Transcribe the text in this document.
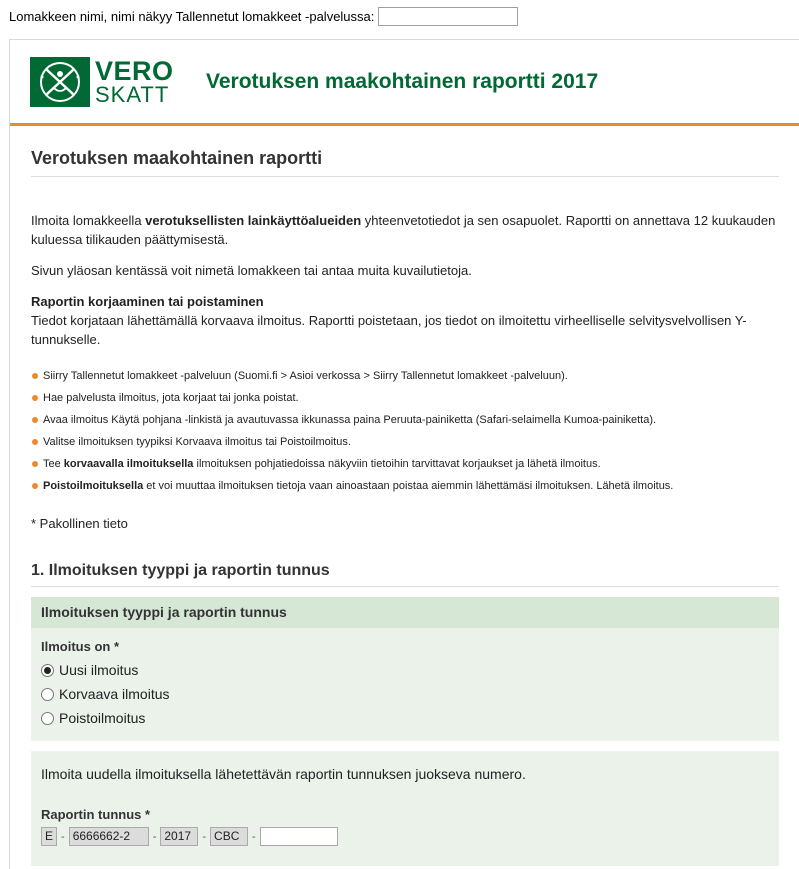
Lomakkeen nimi, nimi näkyy Tallennetut lomakkeet -palvelussa:
VERO
SKATT	Verotuksen maakohtainen raportti 2017
Verotuksen maakohtainen raportti

Ilmoita lomakkeella verotuksellisten lainkäyttöalueiden yhteenvetotiedot ja sen osapuolet. Raportti on annettava 12 kuukauden kuluessa tilikauden päättymisestä.

Sivun yläosan kentässä voit nimetä lomakkeen tai antaa muita kuvailutietoja.

Raportin korjaaminen tai poistaminen

Tiedot korjataan lähettämällä korvaava ilmoitus. Raportti poistetaan, jos tiedot on ilmoitettu virheelliselle selvitysvelvollisen Y-tunnukselle.

Siirry Tallennetut lomakkeet -palveluun (Suomi.fi > Asioi verkossa > Siirry Tallennetut lomakkeet -palveluun).
Hae palvelusta ilmoitus, jota korjaat tai jonka poistat.
Avaa ilmoitus Käytä pohjana -linkistä ja avautuvassa ikkunassa paina Peruuta-painiketta (Safari-selaimella Kumoa-painiketta).
Valitse ilmoituksen tyypiksi Korvaava ilmoitus tai Poistoilmoitus.
Tee korvaavalla ilmoituksella ilmoituksen pohjatiedoissa näkyviin tietoihin tarvittavat korjaukset ja lähetä ilmoitus.
Poistoilmoituksella et voi muuttaa ilmoituksen tietoja vaan ainoastaan poistaa aiemmin lähettämäsi ilmoituksen. Lähetä ilmoitus.

* Pakollinen tieto

1. Ilmoituksen tyyppi ja raportin tunnus
Ilmoituksen tyyppi ja raportin tunnus
Ilmoitus on *
Uusi ilmoitus
Korvaava ilmoitus
Poistoilmoitus
Ilmoita uudella ilmoituksella lähetettävän raportin tunnuksen juokseva numero.
Raportin tunnus *
E - 6666662-2	- 2017	- CBC	-
